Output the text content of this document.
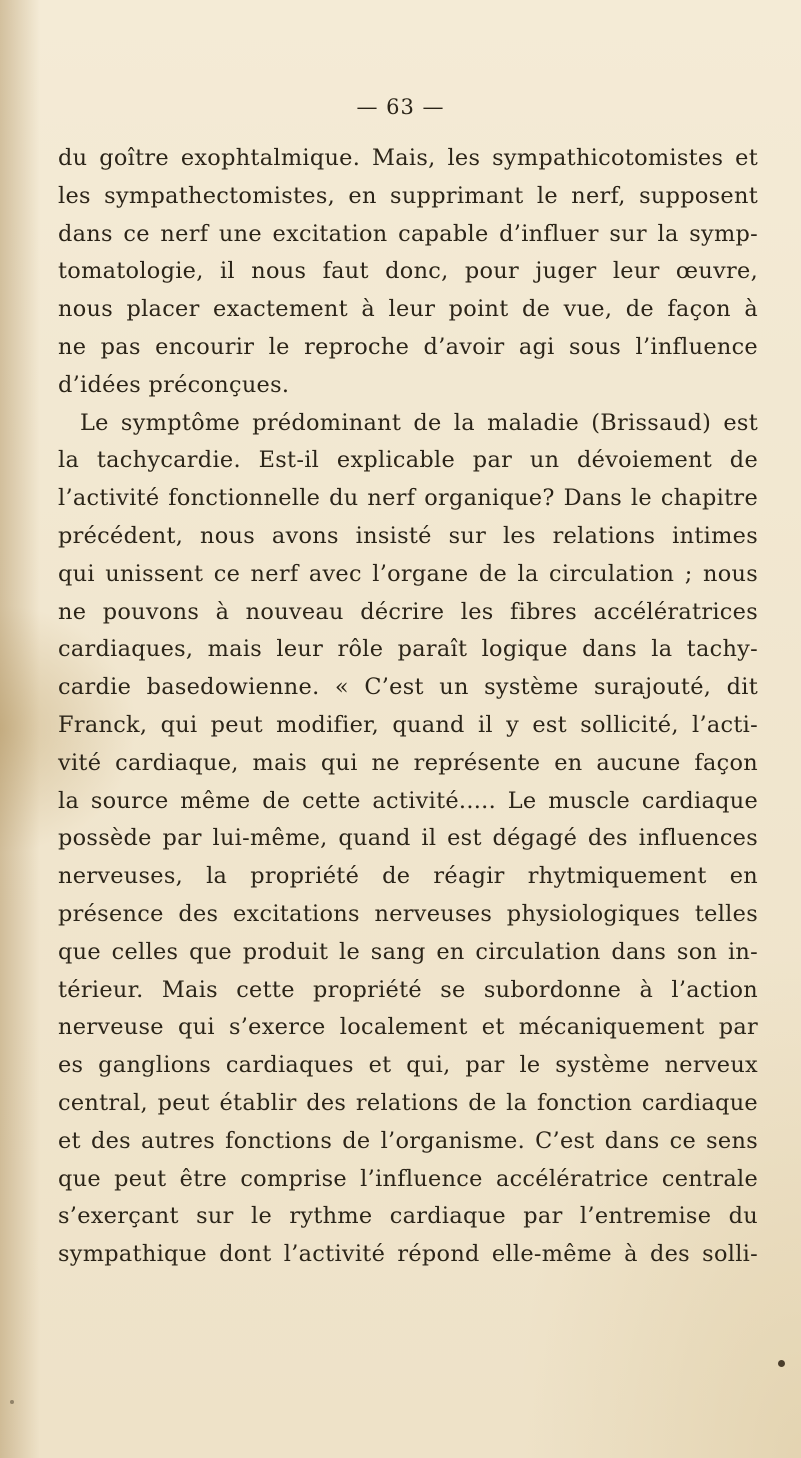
— 63 —
du goître exophtalmique. Mais, les sympathicotomistes et
les sympathectomistes, en supprimant le nerf, supposent
dans ce nerf une excitation capable d’influer sur la symp-
tomatologie, il nous faut donc, pour juger leur œuvre,
nous placer exactement à leur point de vue, de façon à
ne pas encourir le reproche d’avoir agi sous l’influence
d’idées préconçues.
Le symptôme prédominant de la maladie (Brissaud) est
la tachycardie. Est-il explicable par un dévoiement de
l’activité fonctionnelle du nerf organique? Dans le chapitre
précédent, nous avons insisté sur les relations intimes
qui unissent ce nerf avec l’organe de la circulation ; nous
ne pouvons à nouveau décrire les fibres accélératrices
cardiaques, mais leur rôle paraît logique dans la tachy-
cardie basedowienne. « C’est un système surajouté, dit
Franck, qui peut modifier, quand il y est sollicité, l’acti-
vité cardiaque, mais qui ne représente en aucune façon
la source même de cette activité..... Le muscle cardiaque
possède par lui-même, quand il est dégagé des influences
nerveuses, la propriété de réagir rhytmiquement en
présence des excitations nerveuses physiologiques telles
que celles que produit le sang en circulation dans son in-
térieur. Mais cette propriété se subordonne à l’action
nerveuse qui s’exerce localement et mécaniquement par
es ganglions cardiaques et qui, par le système nerveux
central, peut établir des relations de la fonction cardiaque
et des autres fonctions de l’organisme. C’est dans ce sens
que peut être comprise l’influence accélératrice centrale
s’exerçant sur le rythme cardiaque par l’entremise du
sympathique dont l’activité répond elle-même à des solli-
